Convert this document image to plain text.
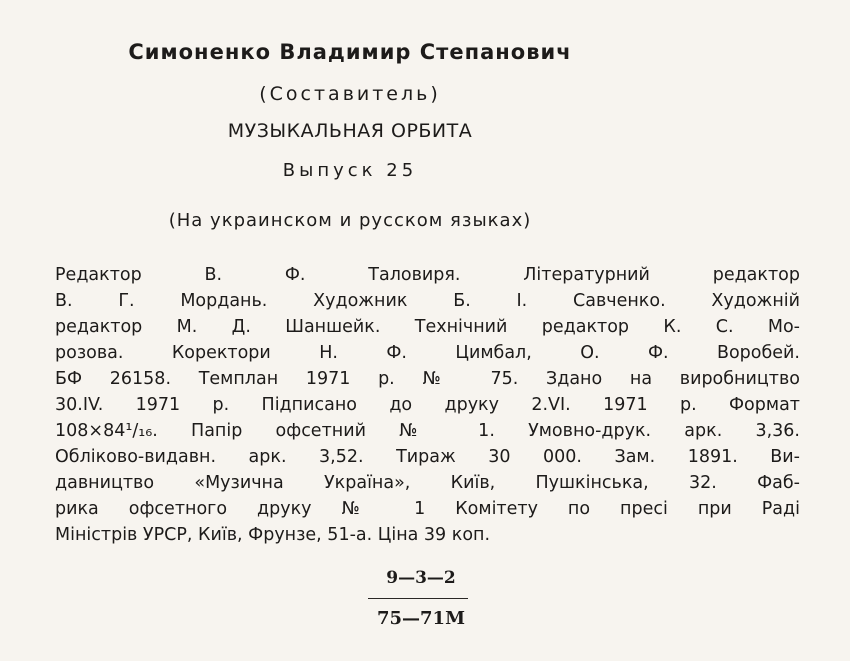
Симоненко Владимир Степанович
(Составитель)
МУЗЫКАЛЬНАЯ ОРБИТА
Выпуск 25
(На украинском и русском языках)
Редактор В. Ф. Таловиря. Літературний редактор
В. Г. Мордань. Художник Б. І. Савченко. Художній
редактор М. Д. Шаншейк. Технічний редактор К. С. Мо-
розова. Коректори Н. Ф. Цимбал, О. Ф. Воробей.
БФ 26158. Темплан 1971 р. № 75. Здано на виробництво
30.IV. 1971 р. Підписано до друку 2.VI. 1971 р. Формат
108×84¹/₁₆. Папір офсетний № 1. Умовно-друк. арк. 3,36.
Обліково-видавн. арк. 3,52. Тираж 30 000. Зам. 1891. Ви-
давництво «Музична Україна», Київ, Пушкінська, 32. Фаб-
рика офсетного друку № 1 Комітету по пресі при Раді
Міністрів УРСР, Київ, Фрунзе, 51-а. Ціна 39 коп.
9—3—2
75—71М
